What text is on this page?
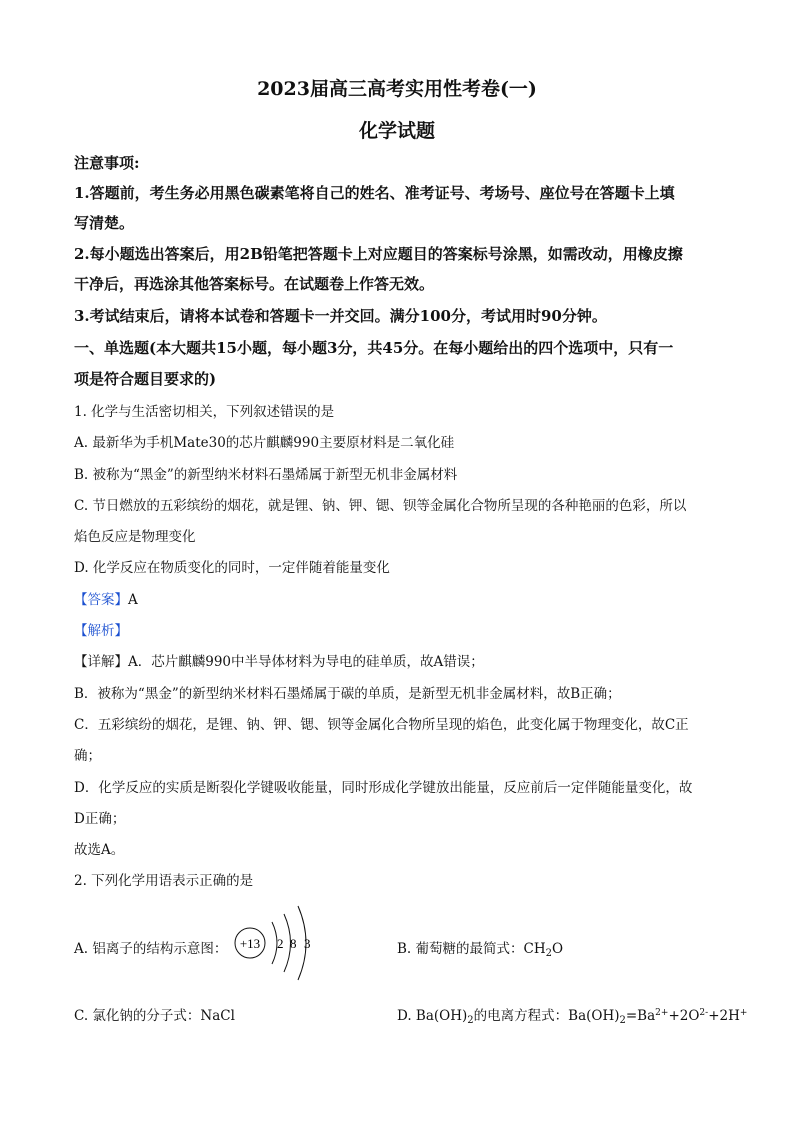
2023届高三高考实用性考卷(一)
化学试题
注意事项:
1.答题前，考生务必用黑色碳素笔将自己的姓名、准考证号、考场号、座位号在答题卡上填
写清楚。
2.每小题选出答案后，用2B铅笔把答题卡上对应题目的答案标号涂黑，如需改动，用橡皮擦
干净后，再选涂其他答案标号。在试题卷上作答无效。
3.考试结束后，请将本试卷和答题卡一并交回。满分100分，考试用时90分钟。
一、单选题(本大题共15小题，每小题3分，共45分。在每小题给出的四个选项中，只有一
项是符合题目要求的)
1. 化学与生活密切相关，下列叙述错误的是
A. 最新华为手机Mate30的芯片麒麟990主要原材料是二氧化硅
B. 被称为“黑金”的新型纳米材料石墨烯属于新型无机非金属材料
C. 节日燃放的五彩缤纷的烟花，就是锂、钠、钾、锶、钡等金属化合物所呈现的各种艳丽的色彩，所以
焰色反应是物理变化
D. 化学反应在物质变化的同时，一定伴随着能量变化
【答案】A
【解析】
【详解】A．芯片麒麟990中半导体材料为导电的硅单质，故A错误；
B．被称为“黑金”的新型纳米材料石墨烯属于碳的单质，是新型无机非金属材料，故B正确；
C．五彩缤纷的烟花，是锂、钠、钾、锶、钡等金属化合物所呈现的焰色，此变化属于物理变化，故C正
确；
D．化学反应的实质是断裂化学键吸收能量，同时形成化学键放出能量，反应前后一定伴随能量变化，故
D正确；
故选A。
2. 下列化学用语表示正确的是
A. 铝离子的结构示意图： +13 2 8 3	B. 葡萄糖的最简式：$CH_2O$
C. 氯化钠的分子式：NaCl	D. $Ba(OH)_2$的电离方程式：$Ba(OH)_2=Ba^{2+}+2O^{2-}+2H^+$
